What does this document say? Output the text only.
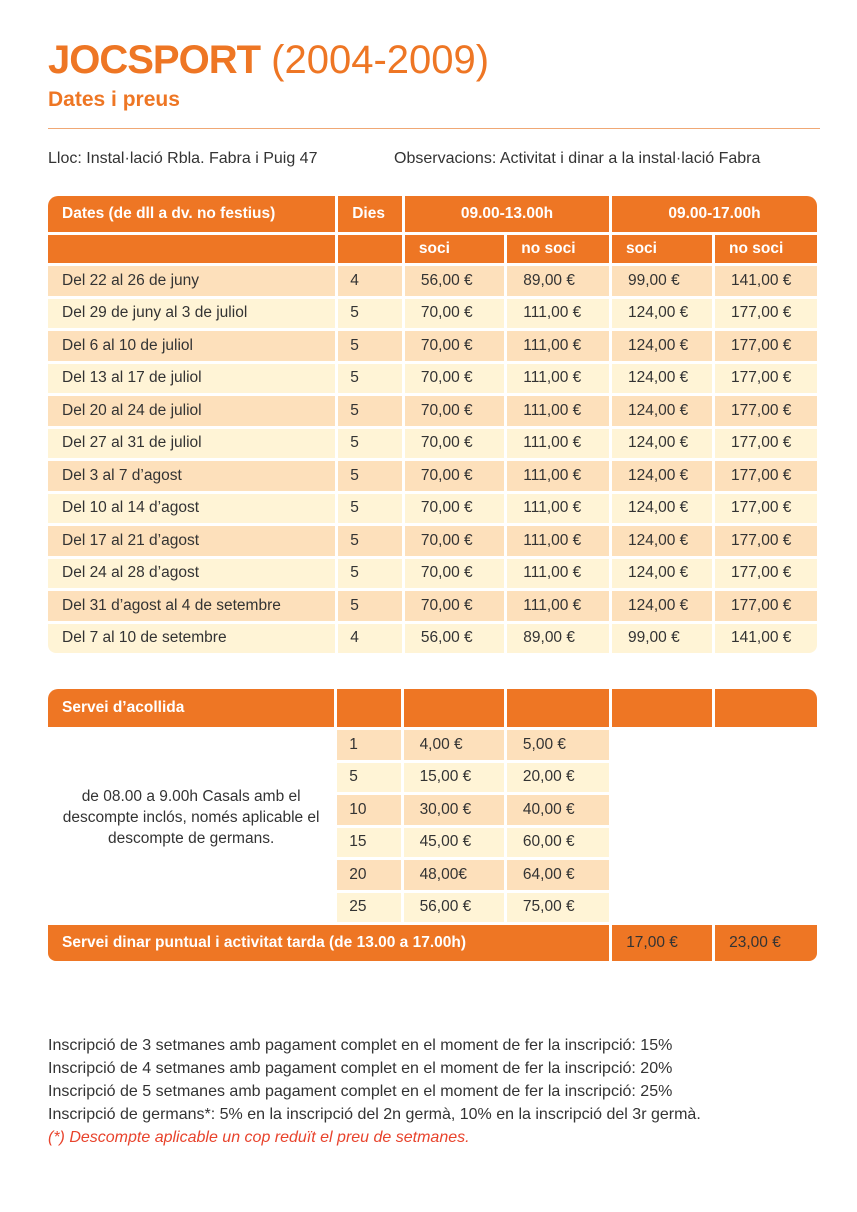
JOCSPORT (2004-2009)
Dates i preus
Lloc: Instal·lació Rbla. Fabra i Puig 47	Observacions: Activitat i dinar a la instal·lació Fabra
Dates (de dll a dv. no festius)	Dies	09.00-13.00h		09.00-17.00h	
		soci	no soci	soci	no soci
Del 22 al 26 de juny	4	56,00 €	89,00 €	99,00 €	141,00 €
Del 29 de juny al 3 de juliol	5	70,00 €	111,00 €	124,00 €	177,00 €
Del 6 al 10 de juliol	5	70,00 €	111,00 €	124,00 €	177,00 €
Del 13 al 17 de juliol	5	70,00 €	111,00 €	124,00 €	177,00 €
Del 20 al 24 de juliol	5	70,00 €	111,00 €	124,00 €	177,00 €
Del 27 al 31 de juliol	5	70,00 €	111,00 €	124,00 €	177,00 €
Del 3 al 7 d’agost	5	70,00 €	111,00 €	124,00 €	177,00 €
Del 10 al 14 d’agost	5	70,00 €	111,00 €	124,00 €	177,00 €
Del 17 al 21 d’agost	5	70,00 €	111,00 €	124,00 €	177,00 €
Del 24 al 28 d’agost	5	70,00 €	111,00 €	124,00 €	177,00 €
Del 31 d’agost al 4 de setembre	5	70,00 €	111,00 €	124,00 €	177,00 €
Del 7 al 10 de setembre	4	56,00 €	89,00 €	99,00 €	141,00 €
Servei d’acollida					
de 08.00 a 9.00h Casals amb el descompte inclós, només aplicable el descompte de germans.	1	4,00 €	5,00 €		
	5	15,00 €	20,00 €		
	10	30,00 €	40,00 €		
	15	45,00 €	60,00 €		
	20	48,00€	64,00 €		
	25	56,00 €	75,00 €		
Servei dinar puntual i activitat tarda (de 13.00 a 17.00h)				17,00 €	23,00 €
Inscripció de 3 setmanes amb pagament complet en el moment de fer la inscripció: 15%
Inscripció de 4 setmanes amb pagament complet en el moment de fer la inscripció: 20%
Inscripció de 5 setmanes amb pagament complet en el moment de fer la inscripció: 25%
Inscripció de germans*: 5% en la inscripció del 2n germà, 10% en la inscripció del 3r germà.
(*) Descompte aplicable un cop reduït el preu de setmanes.
